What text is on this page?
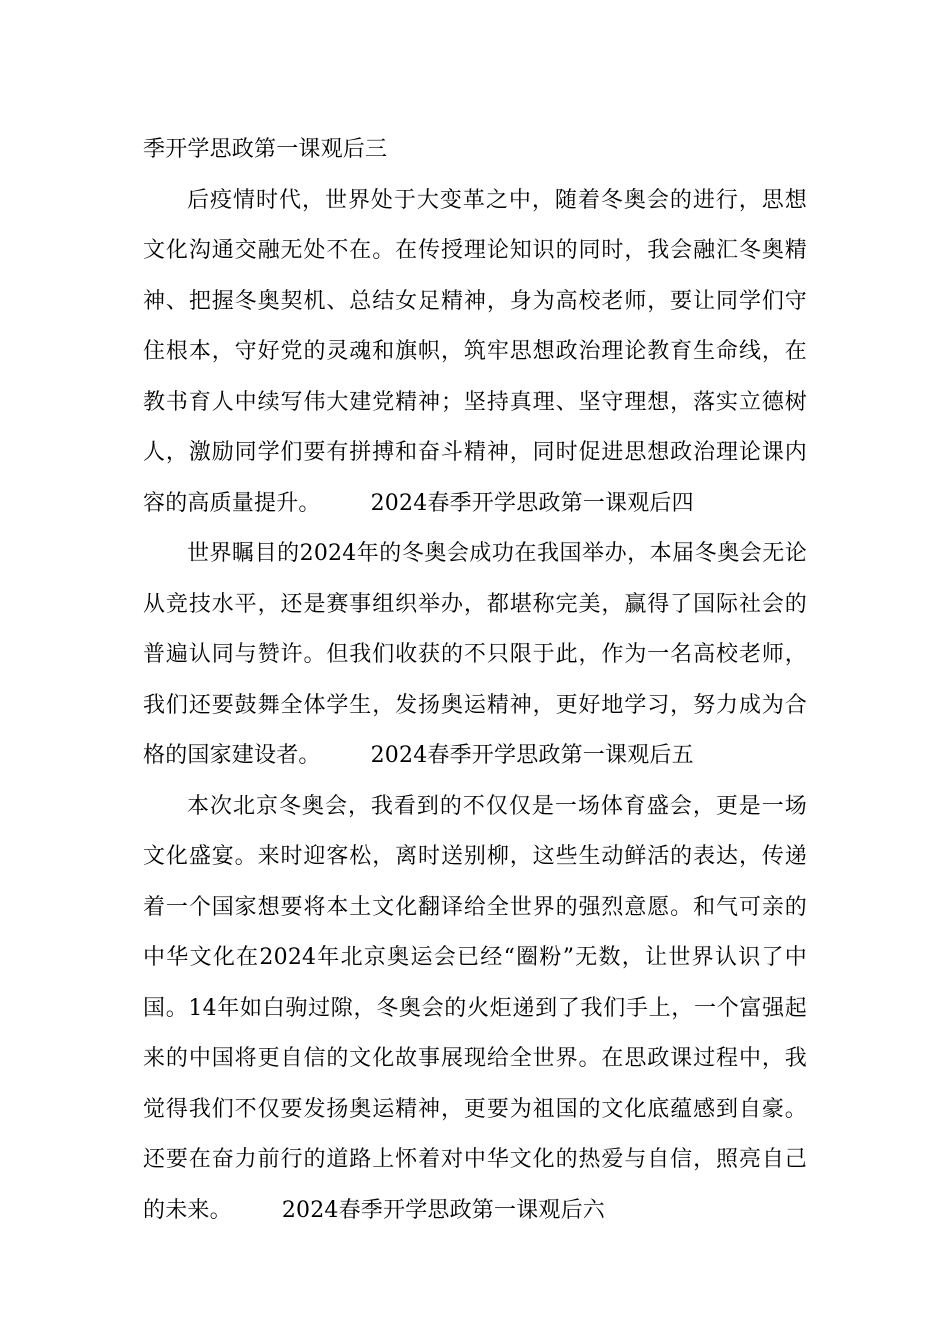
季开学思政第一课观后三
后疫情时代，世界处于大变革之中，随着冬奥会的进行，思想
文化沟通交融无处不在。在传授理论知识的同时，我会融汇冬奥精
神、把握冬奥契机、总结女足精神，身为高校老师，要让同学们守
住根本，守好党的灵魂和旗帜，筑牢思想政治理论教育生命线，在
教书育人中续写伟大建党精神；坚持真理、坚守理想，落实立德树
人，激励同学们要有拼搏和奋斗精神，同时促进思想政治理论课内
容的高质量提升。 2024春季开学思政第一课观后四
世界瞩目的2024年的冬奥会成功在我国举办，本届冬奥会无论
从竞技水平，还是赛事组织举办，都堪称完美，赢得了国际社会的
普遍认同与赞许。但我们收获的不只限于此，作为一名高校老师，
我们还要鼓舞全体学生，发扬奥运精神，更好地学习，努力成为合
格的国家建设者。 2024春季开学思政第一课观后五
本次北京冬奥会，我看到的不仅仅是一场体育盛会，更是一场
文化盛宴。来时迎客松，离时送别柳，这些生动鲜活的表达，传递
着一个国家想要将本土文化翻译给全世界的强烈意愿。和气可亲的
中华文化在2024年北京奥运会已经“圈粉”无数，让世界认识了中
国。14年如白驹过隙，冬奥会的火炬递到了我们手上，一个富强起
来的中国将更自信的文化故事展现给全世界。在思政课过程中，我
觉得我们不仅要发扬奥运精神，更要为祖国的文化底蕴感到自豪。
还要在奋力前行的道路上怀着对中华文化的热爱与自信，照亮自己
的未来。 2024春季开学思政第一课观后六
